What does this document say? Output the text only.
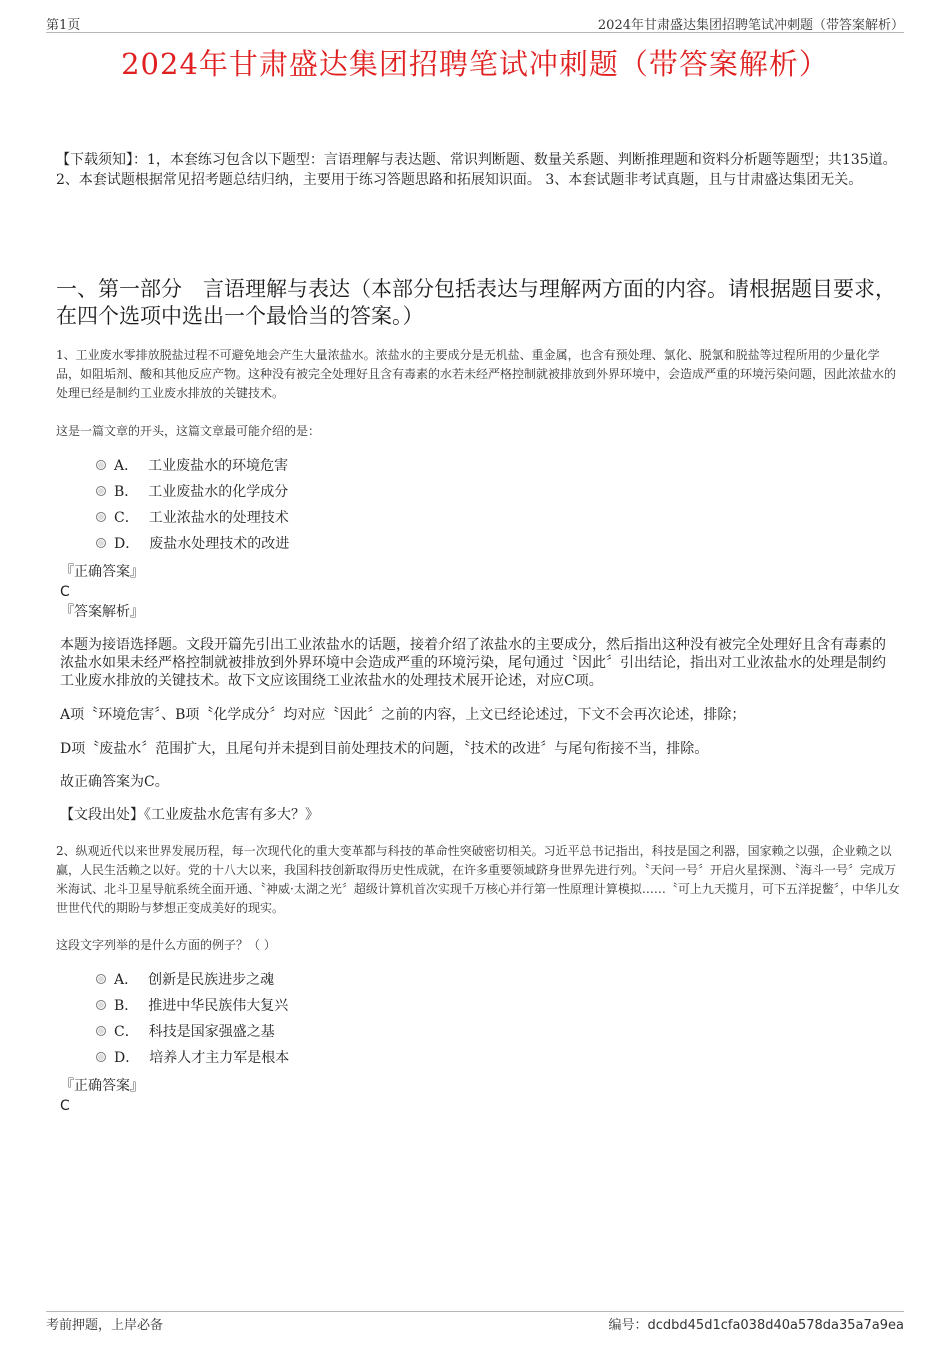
第1页	2024年甘肃盛达集团招聘笔试冲刺题（带答案解析）
2024年甘肃盛达集团招聘笔试冲刺题（带答案解析）
【下载须知】：1，本套练习包含以下题型：言语理解与表达题、常识判断题、数量关系题、判断推理题和资料分析题等题型；共135道。 2、本套试题根据常见招考题总结归纳，主要用于练习答题思路和拓展知识面。 3、本套试题非考试真题，且与甘肃盛达集团无关。
一、第一部分　言语理解与表达（本部分包括表达与理解两方面的内容。请根据题目要求，在四个选项中选出一个最恰当的答案。）
1、工业废水零排放脱盐过程不可避免地会产生大量浓盐水。浓盐水的主要成分是无机盐、重金属，也含有预处理、氯化、脱氯和脱盐等过程所用的少量化学品，如阻垢剂、酸和其他反应产物。这种没有被完全处理好且含有毒素的水若未经严格控制就被排放到外界环境中，会造成严重的环境污染问题，因此浓盐水的处理已经是制约工业废水排放的关键技术。
这是一篇文章的开头，这篇文章最可能介绍的是：
A． 工业废盐水的环境危害
B． 工业废盐水的化学成分
C． 工业浓盐水的处理技术
D． 废盐水处理技术的改进
『正确答案』
C
『答案解析』
本题为接语选择题。文段开篇先引出工业浓盐水的话题，接着介绍了浓盐水的主要成分，然后指出这种没有被完全处理好且含有毒素的浓盐水如果未经严格控制就被排放到外界环境中会造成严重的环境污染，尾句通过〝因此〞引出结论，指出对工业浓盐水的处理是制约工业废水排放的关键技术。故下文应该围绕工业浓盐水的处理技术展开论述，对应C项。
A项〝环境危害〞、B项〝化学成分〞均对应〝因此〞之前的内容，上文已经论述过，下文不会再次论述，排除；
D项〝废盐水〞范围扩大，且尾句并未提到目前处理技术的问题，〝技术的改进〞与尾句衔接不当，排除。
故正确答案为C。
【文段出处】《工业废盐水危害有多大？》
2、纵观近代以来世界发展历程，每一次现代化的重大变革都与科技的革命性突破密切相关。习近平总书记指出，科技是国之利器，国家赖之以强，企业赖之以赢，人民生活赖之以好。党的十八大以来，我国科技创新取得历史性成就，在许多重要领域跻身世界先进行列。〝天问一号〞开启火星探测、〝海斗一号〞完成万米海试、北斗卫星导航系统全面开通、〝神威·太湖之光〞超级计算机首次实现千万核心并行第一性原理计算模拟……〝可上九天揽月，可下五洋捉鳖〞，中华儿女世世代代的期盼与梦想正变成美好的现实。
这段文字列举的是什么方面的例子？（ ）
A． 创新是民族进步之魂
B． 推进中华民族伟大复兴
C． 科技是国家强盛之基
D． 培养人才主力军是根本
『正确答案』
C
考前押题，上岸必备	编号：dcdbd45d1cfa038d40a578da35a7a9ea
